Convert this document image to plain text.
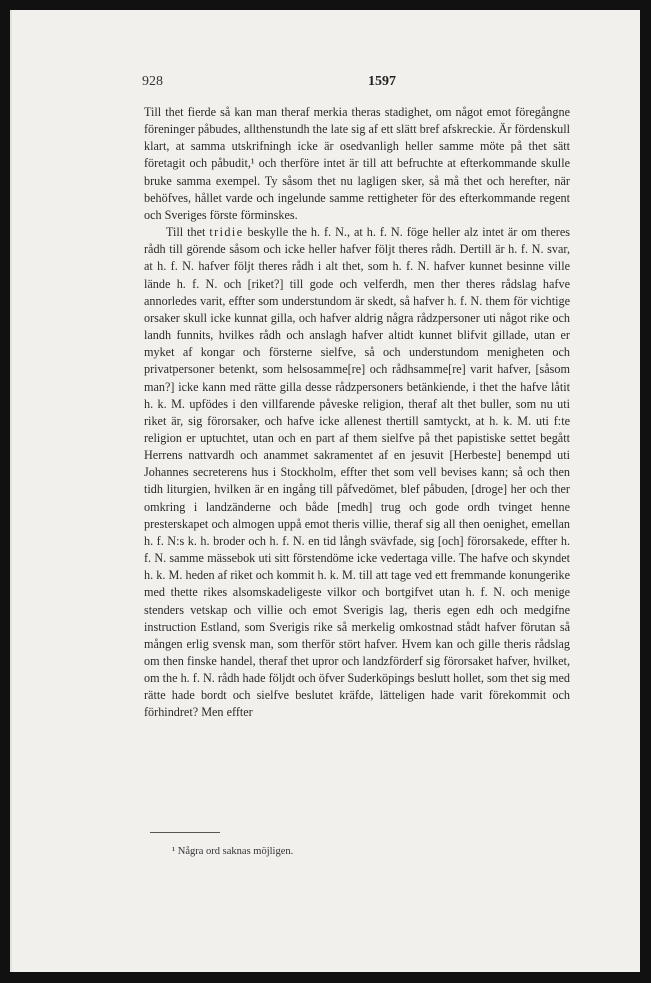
928	1597

Till thet fierde så kan man theraf merkia theras stadighet, om något emot föregångne föreninger påbudes, allthenstundh the late sig af ett slätt bref afskreckie. Är fördenskull klart, at samma utskrifningh icke är osedvanligh heller samme möte på thet sätt företagit och påbudit,¹ och therföre intet är till att befruchte at efterkommande skulle bruke samma exempel. Ty såsom thet nu lagligen sker, så må thet och herefter, när behöfves, hållet varde och ingelunde samme rettigheter för des efterkommande regent och Sveriges förste förminskes.

Till thet tridie beskylle the h. f. N., at h. f. N. föge heller alz intet är om theres rådh till görende såsom och icke heller hafver följt theres rådh. Dertill är h. f. N. svar, at h. f. N. hafver följt theres rådh i alt thet, som h. f. N. hafver kunnet besinne ville lände h. f. N. och [riket?] till gode och velferdh, men ther theres rådslag hafve annorledes varit, effter som understundom är skedt, så hafver h. f. N. them för vichtige orsaker skull icke kunnat gilla, och hafver aldrig några rådzpersoner uti något rike och landh funnits, hvilkes rådh och anslagh hafver altidt kunnet blifvit gillade, utan er myket af kongar och försterne sielfve, så och understundom menigheten och privatpersoner betenkt, som helsosamme[re] och rådhsamme[re] varit hafver, [såsom man?] icke kann med rätte gilla desse rådzpersoners betänkiende, i thet the hafve låtit h. k. M. upfödes i den villfarende påveske religion, theraf alt thet buller, som nu uti riket är, sig förorsaker, och hafve icke allenest thertill samtyckt, at h. k. M. uti f:te religion er uptuchtet, utan och en part af them sielfve på thet papistiske settet begått Herrens nattvardh och anammet sakramentet af en jesuvit [Herbeste] benempd uti Johannes secreterens hus i Stockholm, effter thet som vell bevises kann; så och then tidh liturgien, hvilken är en ingång till påfvedömet, blef påbuden, [droge] her och ther omkring i landzänderne och både [medh] trug och gode ordh tvinget henne presterskapet och almogen uppå emot theris villie, theraf sig all then oenighet, emellan h. f. N:s k. h. broder och h. f. N. en tid långh svävfade, sig [och] förorsakede, effter h. f. N. samme mässebok uti sitt förstendöme icke vedertaga ville. The hafve och skyndet h. k. M. heden af riket och kommit h. k. M. till att tage ved ett fremmande konungerike med thette rikes alsomskadeligeste vilkor och bortgifvet utan h. f. N. och menige stenders vetskap och villie och emot Sverigis lag, theris egen edh och medgifne instruction Estland, som Sverigis rike så merkelig omkostnad stådt hafver förutan så mången erlig svensk man, som therför stört hafver. Hvem kan och gille theris rådslag om then finske handel, theraf thet upror och landzförderf sig förorsaket hafver, hvilket, om the h. f. N. rådh hade följdt och öfver Suderköpings beslutt hollet, som thet sig med rätte hade bordt och sielfve beslutet kräfde, lätteligen hade varit förekommit och förhindret? Men effter

¹ Några ord saknas möjligen.
